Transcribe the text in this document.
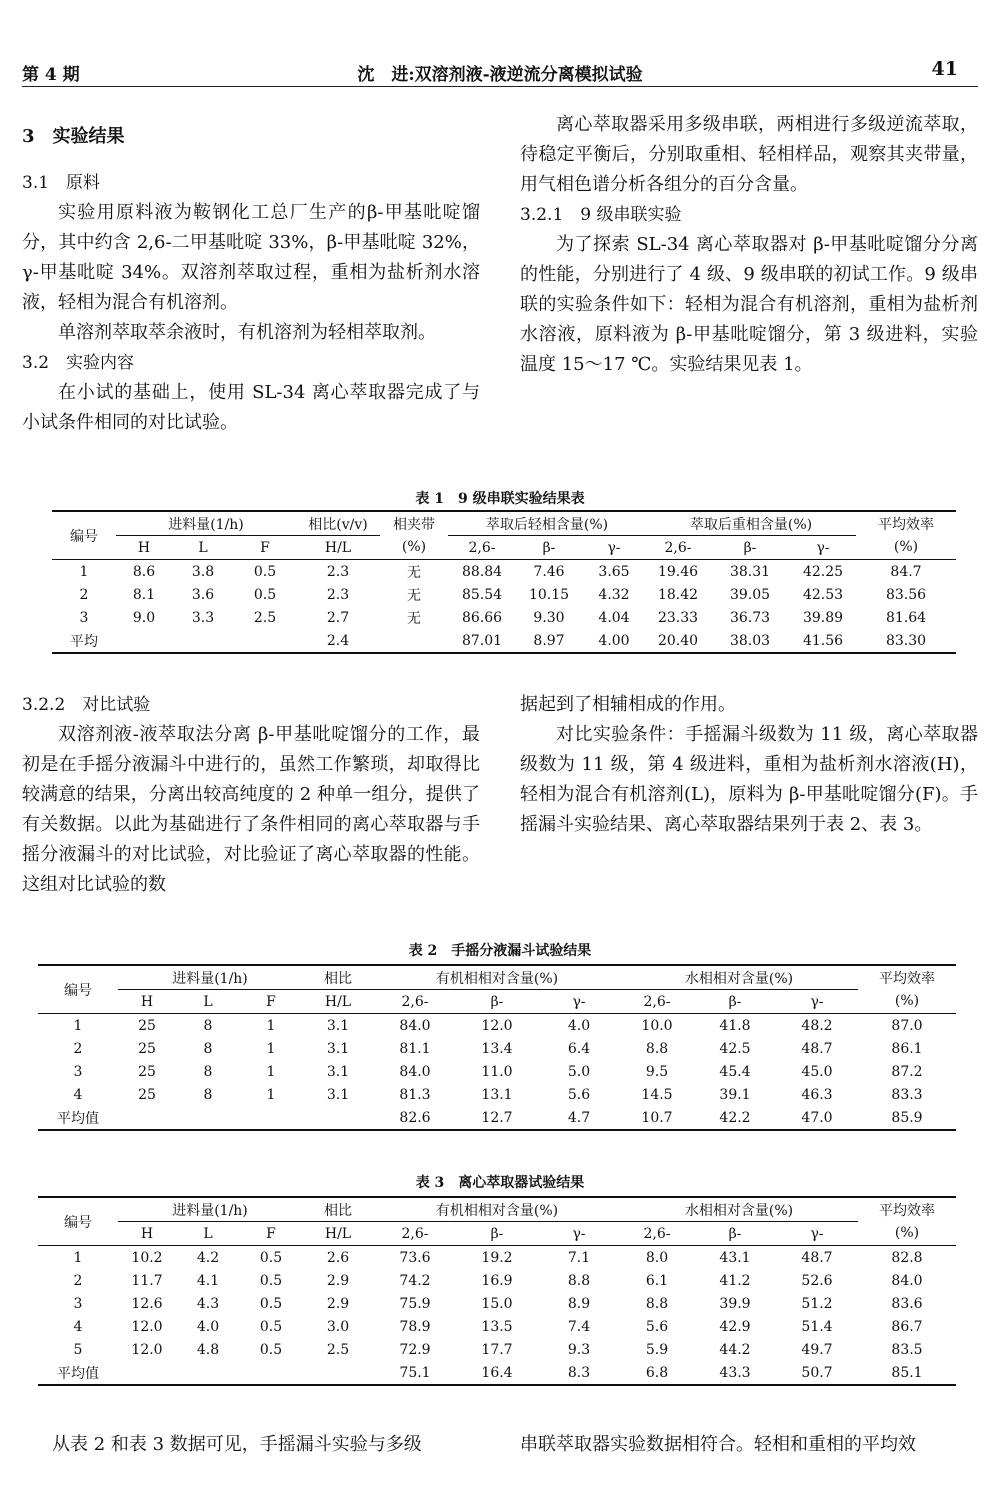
第 4 期	沈　进:双溶剂液-液逆流分离模拟试验	41
3　实验结果
3.1　原料

实验用原料液为鞍钢化工总厂生产的β-甲基吡啶馏分，其中约含 2,6-二甲基吡啶 33%，β-甲基吡啶 32%，γ-甲基吡啶 34%。双溶剂萃取过程，重相为盐析剂水溶液，轻相为混合有机溶剂。

单溶剂萃取萃余液时，有机溶剂为轻相萃取剂。

3.2　实验内容

在小试的基础上，使用 SL-34 离心萃取器完成了与小试条件相同的对比试验。

离心萃取器采用多级串联，两相进行多级逆流萃取，待稳定平衡后，分别取重相、轻相样品，观察其夹带量，用气相色谱分析各组分的百分含量。

3.2.1　9 级串联实验

为了探索 SL-34 离心萃取器对 β-甲基吡啶馏分分离的性能，分别进行了 4 级、9 级串联的初试工作。9 级串联的实验条件如下：轻相为混合有机溶剂，重相为盐析剂水溶液，原料液为 β-甲基吡啶馏分，第 3 级进料，实验温度 15～17 ℃。实验结果见表 1。

表 1　9 级串联实验结果表
编号	进料量(1/h)			相比(v/v)	相夹带	萃取后轻相含量(%)			萃取后重相含量(%)			平均效率
	H	L	F	H/L	(%)	2,6-	β-	γ-	2,6-	β-	γ-	(%)
1	8.6	3.8	0.5	2.3	无	88.84	7.46	3.65	19.46	38.31	42.25	84.7
2	8.1	3.6	0.5	2.3	无	85.54	10.15	4.32	18.42	39.05	42.53	83.56
3	9.0	3.3	2.5	2.7	无	86.66	9.30	4.04	23.33	36.73	39.89	81.64
平均				2.4		87.01	8.97	4.00	20.40	38.03	41.56	83.30
3.2.2　对比试验

双溶剂液-液萃取法分离 β-甲基吡啶馏分的工作，最初是在手摇分液漏斗中进行的，虽然工作繁琐，却取得比较满意的结果，分离出较高纯度的 2 种单一组分，提供了有关数据。以此为基础进行了条件相同的离心萃取器与手摇分液漏斗的对比试验，对比验证了离心萃取器的性能。这组对比试验的数

据起到了相辅相成的作用。

对比实验条件：手摇漏斗级数为 11 级，离心萃取器级数为 11 级，第 4 级进料，重相为盐析剂水溶液(H)，轻相为混合有机溶剂(L)，原料为 β-甲基吡啶馏分(F)。手摇漏斗实验结果、离心萃取器结果列于表 2、表 3。

表 2　手摇分液漏斗试验结果
编号	进料量(1/h)			相比	有机相相对含量(%)			水相相对含量(%)			平均效率
	H	L	F	H/L	2,6-	β-	γ-	2,6-	β-	γ-	(%)
1	25	8	1	3.1	84.0	12.0	4.0	10.0	41.8	48.2	87.0
2	25	8	1	3.1	81.1	13.4	6.4	8.8	42.5	48.7	86.1
3	25	8	1	3.1	84.0	11.0	5.0	9.5	45.4	45.0	87.2
4	25	8	1	3.1	81.3	13.1	5.6	14.5	39.1	46.3	83.3
平均值					82.6	12.7	4.7	10.7	42.2	47.0	85.9
表 3　离心萃取器试验结果
编号	进料量(1/h)			相比	有机相相对含量(%)			水相相对含量(%)			平均效率
	H	L	F	H/L	2,6-	β-	γ-	2,6-	β-	γ-	(%)
1	10.2	4.2	0.5	2.6	73.6	19.2	7.1	8.0	43.1	48.7	82.8
2	11.7	4.1	0.5	2.9	74.2	16.9	8.8	6.1	41.2	52.6	84.0
3	12.6	4.3	0.5	2.9	75.9	15.0	8.9	8.8	39.9	51.2	83.6
4	12.0	4.0	0.5	3.0	78.9	13.5	7.4	5.6	42.9	51.4	86.7
5	12.0	4.8	0.5	2.5	72.9	17.7	9.3	5.9	44.2	49.7	83.5
平均值					75.1	16.4	8.3	6.8	43.3	50.7	85.1
从表 2 和表 3 数据可见，手摇漏斗实验与多级	串联萃取器实验数据相符合。轻相和重相的平均效
